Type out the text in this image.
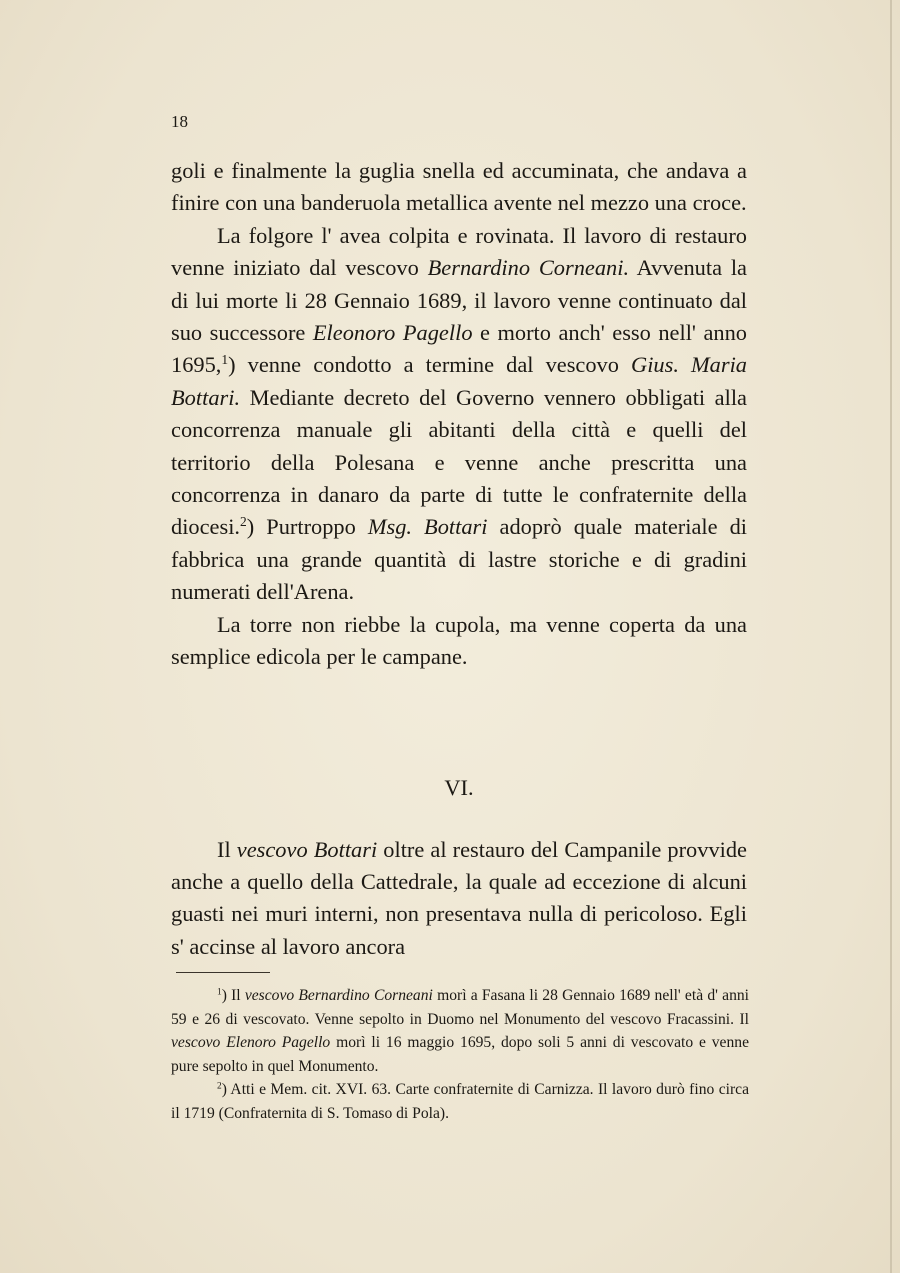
18

goli e finalmente la guglia snella ed accuminata, che andava a finire con una banderuola metallica avente nel mezzo una croce.

La folgore l' avea colpita e rovinata. Il lavoro di restauro venne iniziato dal vescovo Bernardino Corneani. Avvenuta la di lui morte li 28 Gennaio 1689, il lavoro venne continuato dal suo successore Eleonoro Pagello e morto anch' esso nell' anno 1695,$^1$) venne condotto a termine dal vescovo Gius. Maria Bottari. Mediante decreto del Governo vennero obbligati alla concorrenza manuale gli abitanti della città e quelli del territorio della Polesana e venne anche prescritta una concorrenza in danaro da parte di tutte le confraternite della diocesi.$^2$) Purtroppo Msg. Bottari adoprò quale materiale di fabbrica una grande quantità di lastre storiche e di gradini numerati dell'Arena.

La torre non riebbe la cupola, ma venne coperta da una semplice edicola per le campane.

VI.

Il vescovo Bottari oltre al restauro del Campanile provvide anche a quello della Cattedrale, la quale ad eccezione di alcuni guasti nei muri interni, non presentava nulla di pericoloso. Egli s' accinse al lavoro ancora

$^1$) Il vescovo Bernardino Corneani morì a Fasana li 28 Gennaio 1689 nell' età d' anni 59 e 26 di vescovato. Venne sepolto in Duomo nel Monumento del vescovo Fracassini. Il vescovo Elenoro Pagello morì li 16 maggio 1695, dopo soli 5 anni di vescovato e venne pure sepolto in quel Monumento.

$^2$) Atti e Mem. cit. XVI. 63. Carte confraternite di Carnizza. Il lavoro durò fino circa il 1719 (Confraternita di S. Tomaso di Pola).
